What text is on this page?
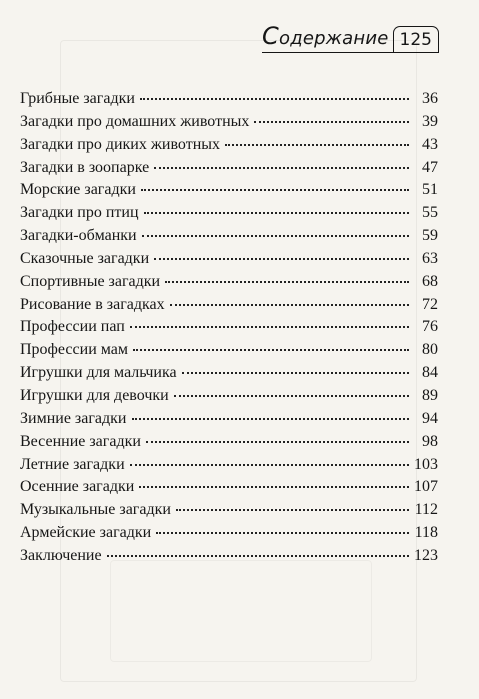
Содержание 125
Грибные загадки	36
Загадки про домашних животных	39
Загадки про диких животных	43
Загадки в зоопарке	47
Морские загадки	51
Загадки про птиц	55
Загадки-обманки	59
Сказочные загадки	63
Спортивные загадки	68
Рисование в загадках	72
Профессии пап	76
Профессии мам	80
Игрушки для мальчика	84
Игрушки для девочки	89
Зимние загадки	94
Весенние загадки	98
Летние загадки	103
Осенние загадки	107
Музыкальные загадки	112
Армейские загадки	118
Заключение	123
